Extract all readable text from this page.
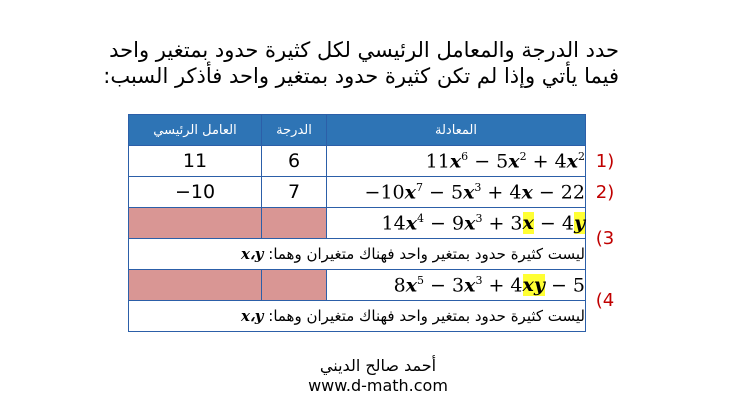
حدد الدرجة والمعامل الرئيسي لكل كثيرة حدود بمتغير واحد
فيما يأتي وإذا لم تكن كثيرة حدود بمتغير واحد فأذكر السبب:
العامل الرئيسي	الدرجة	المعادلة	
11	6	$11x^6 - 5x^2 + 4x^2$	1)
−10	7	$-10x^7 - 5x^3 + 4x - 22$	2)
		$14x^4 - 9x^3 + 3x - 4y$	(3
ليست كثيرة حدود بمتغير واحد فهناك متغيران وهما: x،y			
		$8x^5 - 3x^3 + 4xy - 5$	(4
ليست كثيرة حدود بمتغير واحد فهناك متغيران وهما: x،y			
أحمد صالح الديني
www.d-math.com
